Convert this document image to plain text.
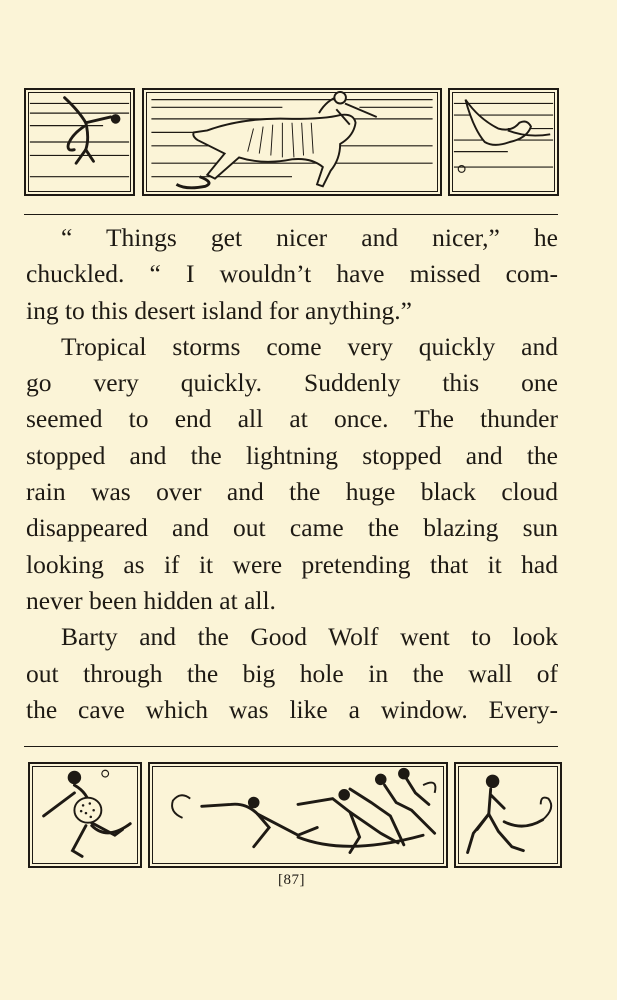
“ Things get nicer and nicer,” he
chuckled. “ I wouldn’t have missed com-
ing to this desert island for anything.”
Tropical storms come very quickly and
go very quickly. Suddenly this one
seemed to end all at once. The thunder
stopped and the lightning stopped and the
rain was over and the huge black cloud
disappeared and out came the blazing sun
looking as if it were pretending that it had
never been hidden at all.
Barty and the Good Wolf went to look
out through the big hole in the wall of
the cave which was like a window. Every-
[87]
